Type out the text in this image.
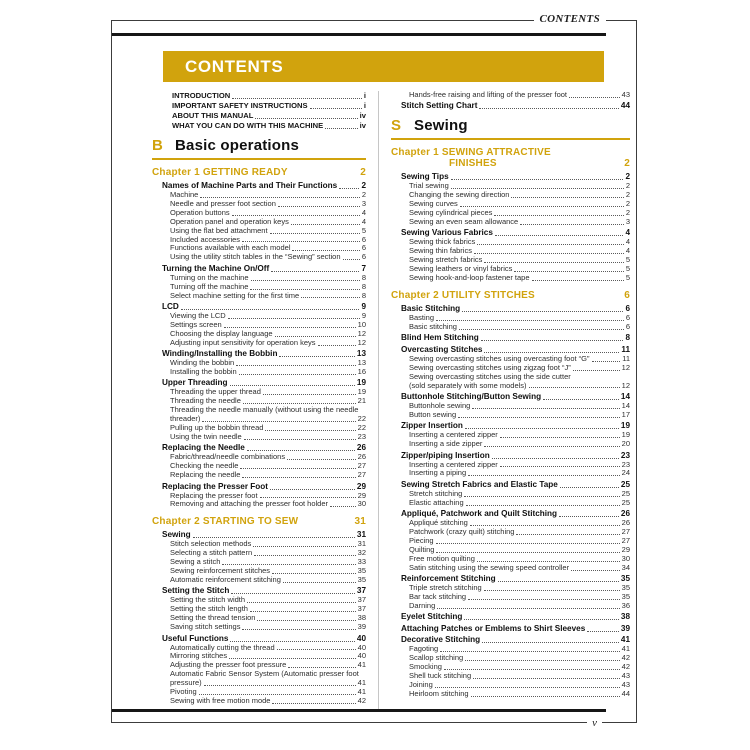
CONTENTS
CONTENTS
INTRODUCTION	i
IMPORTANT SAFETY INSTRUCTIONS	i
ABOUT THIS MANUAL	iv
WHAT YOU CAN DO WITH THIS MACHINE	iv
B Basic operations
Chapter 1 GETTING READY	2
Names of Machine Parts and Their Functions	2
Machine	2
Needle and presser foot section	3
Operation buttons	4
Operation panel and operation keys	4
Using the flat bed attachment	5
Included accessories	6
Functions available with each model	6
Using the utility stitch tables in the “Sewing” section	6
Turning the Machine On/Off	7
Turning on the machine	8
Turning off the machine	8
Select machine setting for the first time	8
LCD	9
Viewing the LCD	9
Settings screen	10
Choosing the display language	12
Adjusting input sensitivity for operation keys	12
Winding/Installing the Bobbin	13
Winding the bobbin	13
Installing the bobbin	16
Upper Threading	19
Threading the upper thread	19
Threading the needle	21
Threading the needle manually (without using the needle
threader)	22
Pulling up the bobbin thread	22
Using the twin needle	23
Replacing the Needle	26
Fabric/thread/needle combinations	26
Checking the needle	27
Replacing the needle	27
Replacing the Presser Foot	29
Replacing the presser foot	29
Removing and attaching the presser foot holder	30
Chapter 2 STARTING TO SEW	31
Sewing	31
Stitch selection methods	31
Selecting a stitch pattern	32
Sewing a stitch	33
Sewing reinforcement stitches	35
Automatic reinforcement stitching	35
Setting the Stitch	37
Setting the stitch width	37
Setting the stitch length	37
Setting the thread tension	38
Saving stitch settings	39
Useful Functions	40
Automatically cutting the thread	40
Mirroring stitches	40
Adjusting the presser foot pressure	41
Automatic Fabric Sensor System (Automatic presser foot
pressure)	41
Pivoting	41
Sewing with free motion mode	42
Hands-free raising and lifting of the presser foot	43
Stitch Setting Chart	44
S Sewing
Chapter 1 SEWING ATTRACTIVE
FINISHES	2
Sewing Tips	2
Trial sewing	2
Changing the sewing direction	2
Sewing curves	2
Sewing cylindrical pieces	2
Sewing an even seam allowance	3
Sewing Various Fabrics	4
Sewing thick fabrics	4
Sewing thin fabrics	4
Sewing stretch fabrics	5
Sewing leathers or vinyl fabrics	5
Sewing hook-and-loop fastener tape	5
Chapter 2 UTILITY STITCHES	6
Basic Stitching	6
Basting	6
Basic stitching	6
Blind Hem Stitching	8
Overcasting Stitches	11
Sewing overcasting stitches using overcasting foot “G”	11
Sewing overcasting stitches using zigzag foot “J”	12
Sewing overcasting stitches using the side cutter
(sold separately with some models)	12
Buttonhole Stitching/Button Sewing	14
Buttonhole sewing	14
Button sewing	17
Zipper Insertion	19
Inserting a centered zipper	19
Inserting a side zipper	20
Zipper/piping Insertion	23
Inserting a centered zipper	23
Inserting a piping	24
Sewing Stretch Fabrics and Elastic Tape	25
Stretch stitching	25
Elastic attaching	25
Appliqué, Patchwork and Quilt Stitching	26
Appliqué stitching	26
Patchwork (crazy quilt) stitching	27
Piecing	27
Quilting	29
Free motion quilting	30
Satin stitching using the sewing speed controller	34
Reinforcement Stitching	35
Triple stretch stitching	35
Bar tack stitching	35
Darning	36
Eyelet Stitching	38
Attaching Patches or Emblems to Shirt Sleeves	39
Decorative Stitching	41
Fagoting	41
Scallop stitching	42
Smocking	42
Shell tuck stitching	43
Joining	43
Heirloom stitching	44
v
